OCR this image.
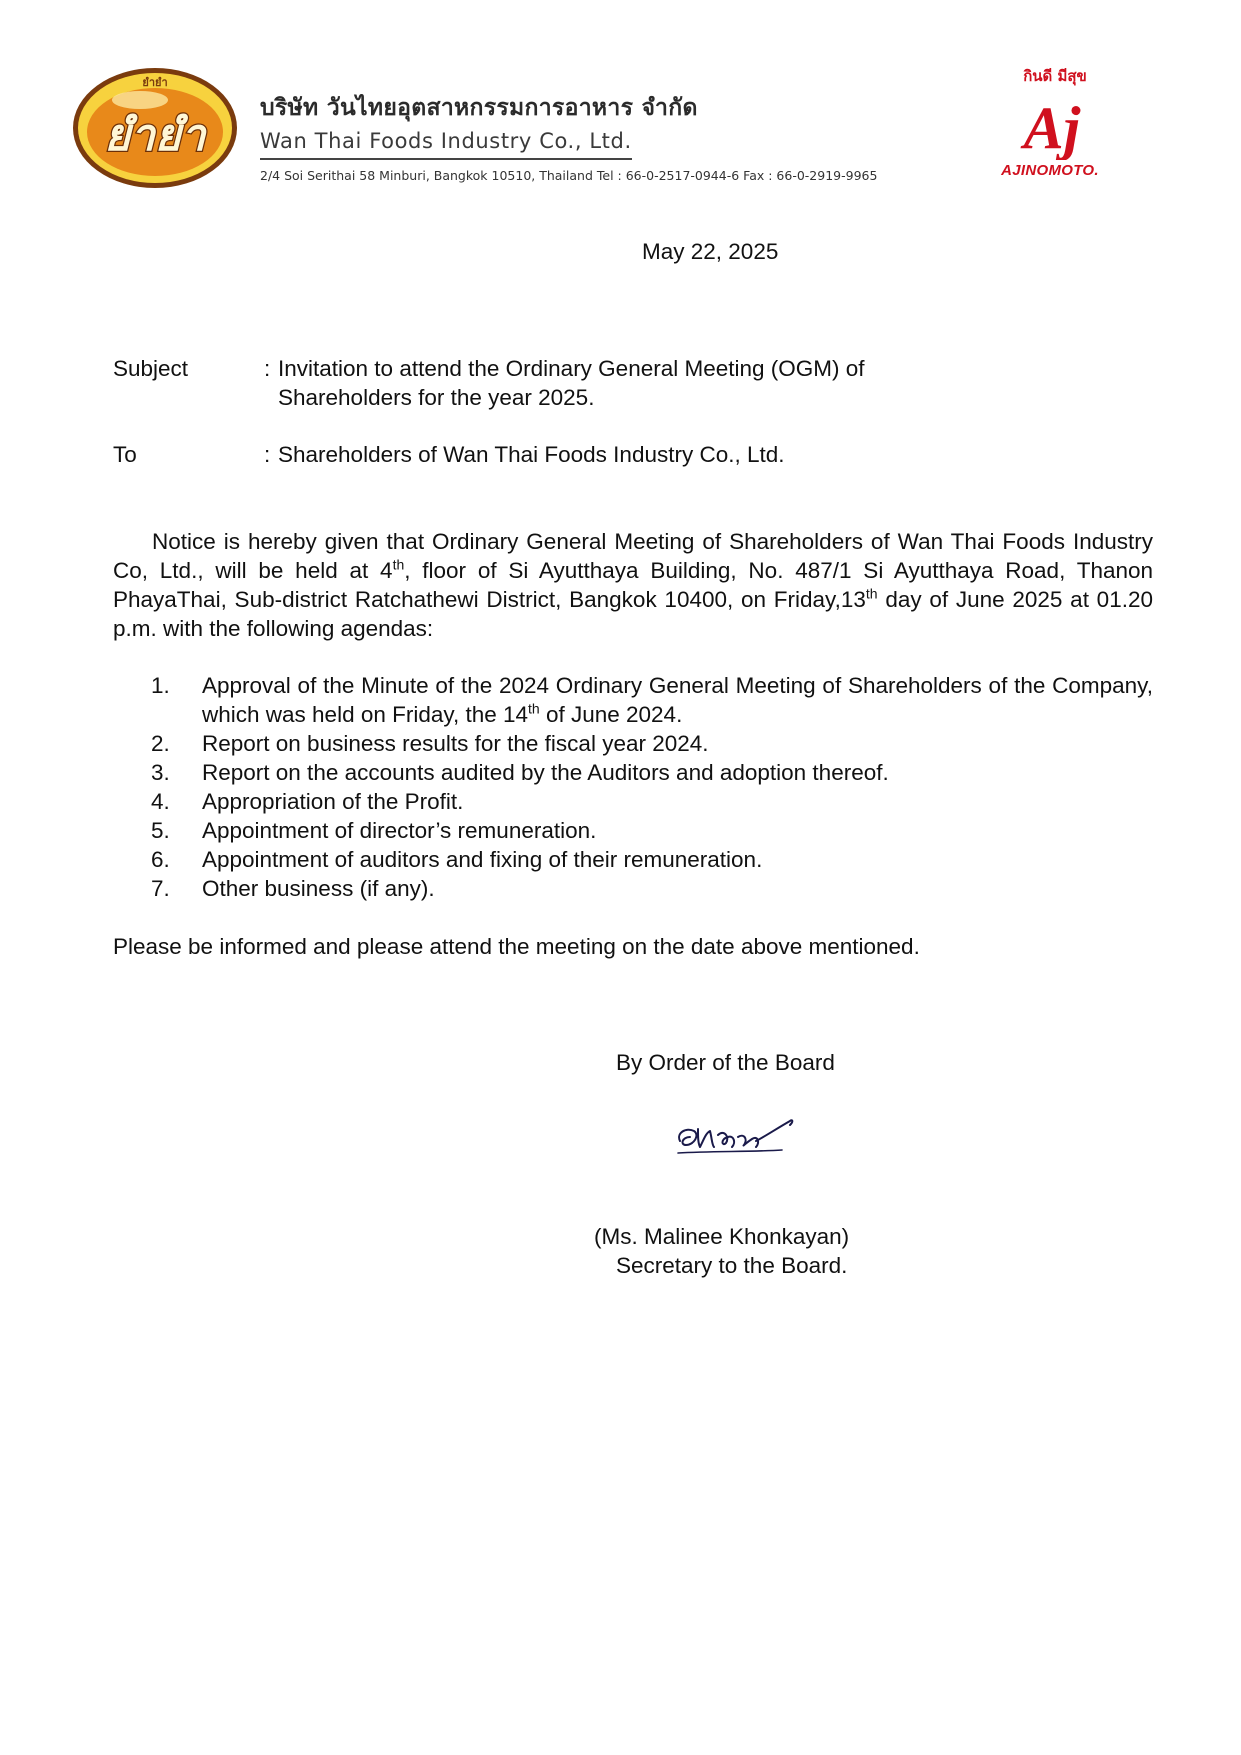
ยำยำ
ยำยำ
บริษัท วันไทยอุตสาหกรรมการอาหาร จำกัด
Wan Thai Foods Industry Co., Ltd.
2/4 Soi Serithai 58 Minburi, Bangkok 10510, Thailand Tel : 66-0-2517-0944-6 Fax : 66-0-2919-9965
กินดี มีสุข
Aj
AJINOMOTO.
May 22, 2025
Subject	: Invitation to attend the Ordinary General Meeting (OGM) of
Shareholders for the year 2025.
To	: Shareholders of Wan Thai Foods Industry Co., Ltd.
Notice is hereby given that Ordinary General Meeting of Shareholders of Wan Thai Foods Industry Co, Ltd., will be held at 4th, floor of Si Ayutthaya Building, No. 487/1 Si Ayutthaya Road, Thanon PhayaThai, Sub-district Ratchathewi District, Bangkok 10400, on Friday,13th day of June 2025 at 01.20 p.m. with the following agendas:
1. Approval of the Minute of the 2024 Ordinary General Meeting of Shareholders of the Company, which was held on Friday, the 14th of June 2024.
2. Report on business results for the fiscal year 2024.
3. Report on the accounts audited by the Auditors and adoption thereof.
4. Appropriation of the Profit.
5. Appointment of director’s remuneration.
6. Appointment of auditors and fixing of their remuneration.
7. Other business (if any).
Please be informed and please attend the meeting on the date above mentioned.
By Order of the Board
(Ms. Malinee Khonkayan)
Secretary to the Board.
